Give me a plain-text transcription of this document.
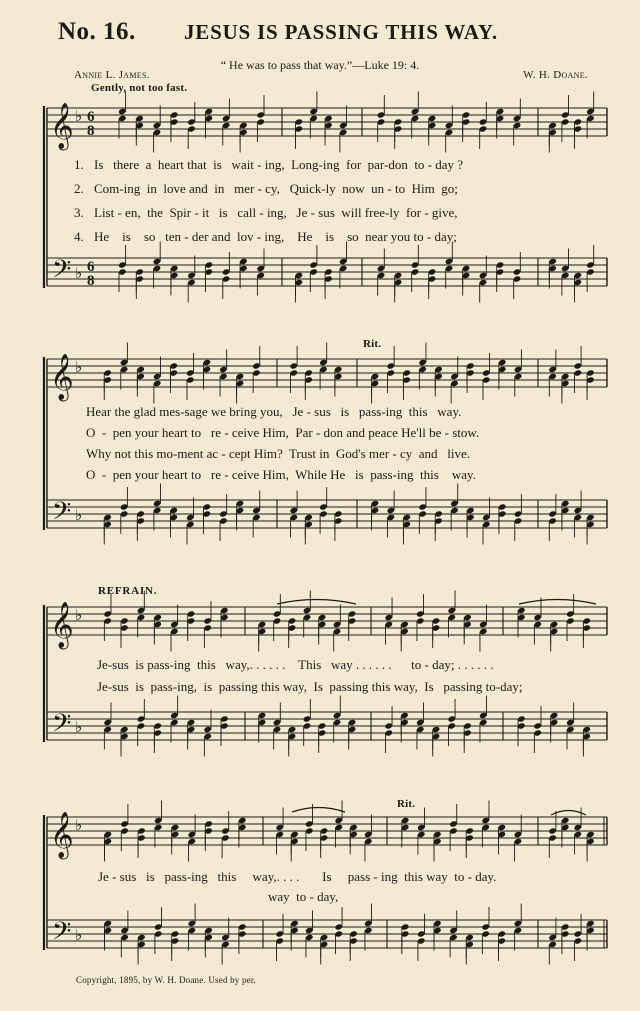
No. 16. JESUS IS PASSING THIS WAY.
“ He was to pass that way.”—Luke 19: 4.
Annie L. James.	W. H. Doane.
𝄞
𝄢
♭
♭
6
8
6
8
𝄞
𝄢
♭
♭
𝄞
𝄢
♭
♭
𝄞
𝄢
♭
♭
Gently, not too fast.
Rit.
REFRAIN.
Rit.
1. Is   there  a  heart that  is   wait - ing,  Long-ing  for  par-don  to - day ?
2. Com-ing  in  love and  in   mer - cy,   Quick-ly  now  un - to  Him  go;
3. List - en,  the  Spir - it   is   call - ing,   Je - sus  will free-ly  for - give,
4. He    is    so   ten - der and  lov - ing,    He    is    so  near you to - day;
Hear the glad mes-sage we bring you,   Je - sus   is   pass-ing  this   way.
O  -  pen your heart to   re - ceive Him,  Par - don and peace He'll be - stow.
Why not this mo-ment ac - cept Him?  Trust in  God's mer - cy  and   live.
O  -  pen your heart to   re - ceive Him,  While He   is  pass-ing  this    way.
Je-sus  is pass-ing  this   way,. . . . . .    This   way . . . . . .      to - day; . . . . . .
Je-sus  is  pass-ing,  is  passing this way,  Is  passing this way,  Is   passing to-day;
Je - sus   is   pass-ing   this     way,. . . .       Is     pass - ing  this way  to - day.
way  to - day,
Copyright, 1895, by W. H. Doane. Used by per.
